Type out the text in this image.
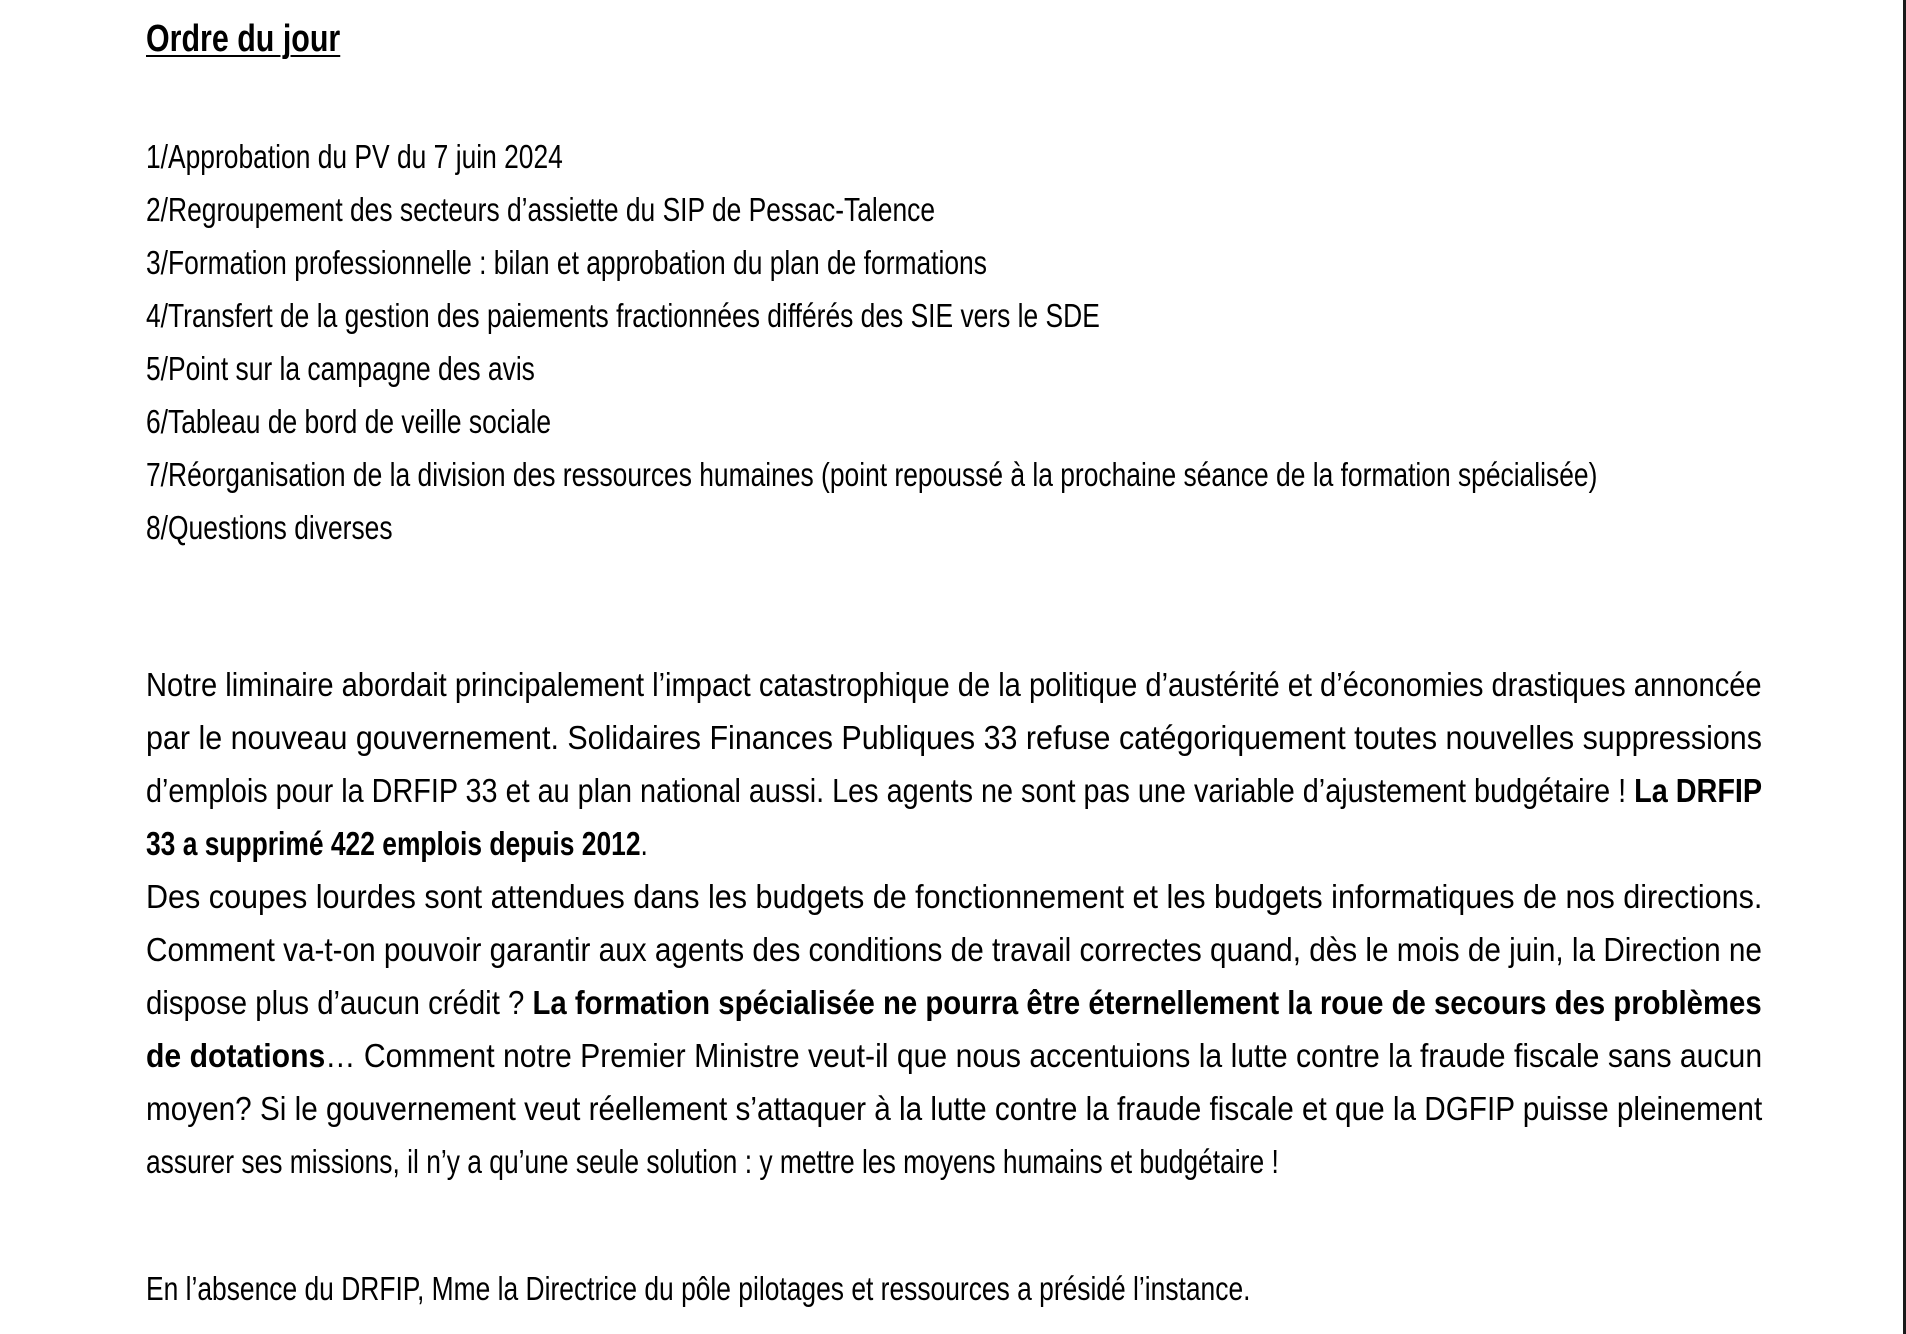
Ordre du jour
1/Approbation du PV du 7 juin 2024
2/Regroupement des secteurs d’assiette du SIP de Pessac-Talence
3/Formation professionnelle : bilan et approbation du plan de formations
4/Transfert de la gestion des paiements fractionnées différés des SIE vers le SDE
5/Point sur la campagne des avis
6/Tableau de bord de veille sociale
7/Réorganisation de la division des ressources humaines (point repoussé à la prochaine séance de la formation spécialisée)
8/Questions diverses

Notre liminaire abordait principalement l’impact catastrophique de la politique d’austérité et d’économies drastiques annoncée
par le nouveau gouvernement. Solidaires Finances Publiques 33 refuse catégoriquement toutes nouvelles suppressions
d’emplois pour la DRFIP 33 et au plan national aussi. Les agents ne sont pas une variable d’ajustement budgétaire ! La DRFIP
33 a supprimé 422 emplois depuis 2012.

Des coupes lourdes sont attendues dans les budgets de fonctionnement et les budgets informatiques de nos directions.
Comment va-t-on pouvoir garantir aux agents des conditions de travail correctes quand, dès le mois de juin, la Direction ne
dispose plus d’aucun crédit ? La formation spécialisée ne pourra être éternellement la roue de secours des problèmes
de dotations… Comment notre Premier Ministre veut-il que nous accentuions la lutte contre la fraude fiscale sans aucun
moyen? Si le gouvernement veut réellement s’attaquer à la lutte contre la fraude fiscale et que la DGFIP puisse pleinement
assurer ses missions, il n’y a qu’une seule solution : y mettre les moyens humains et budgétaire !

En l’absence du DRFIP, Mme la Directrice du pôle pilotages et ressources a présidé l’instance.
